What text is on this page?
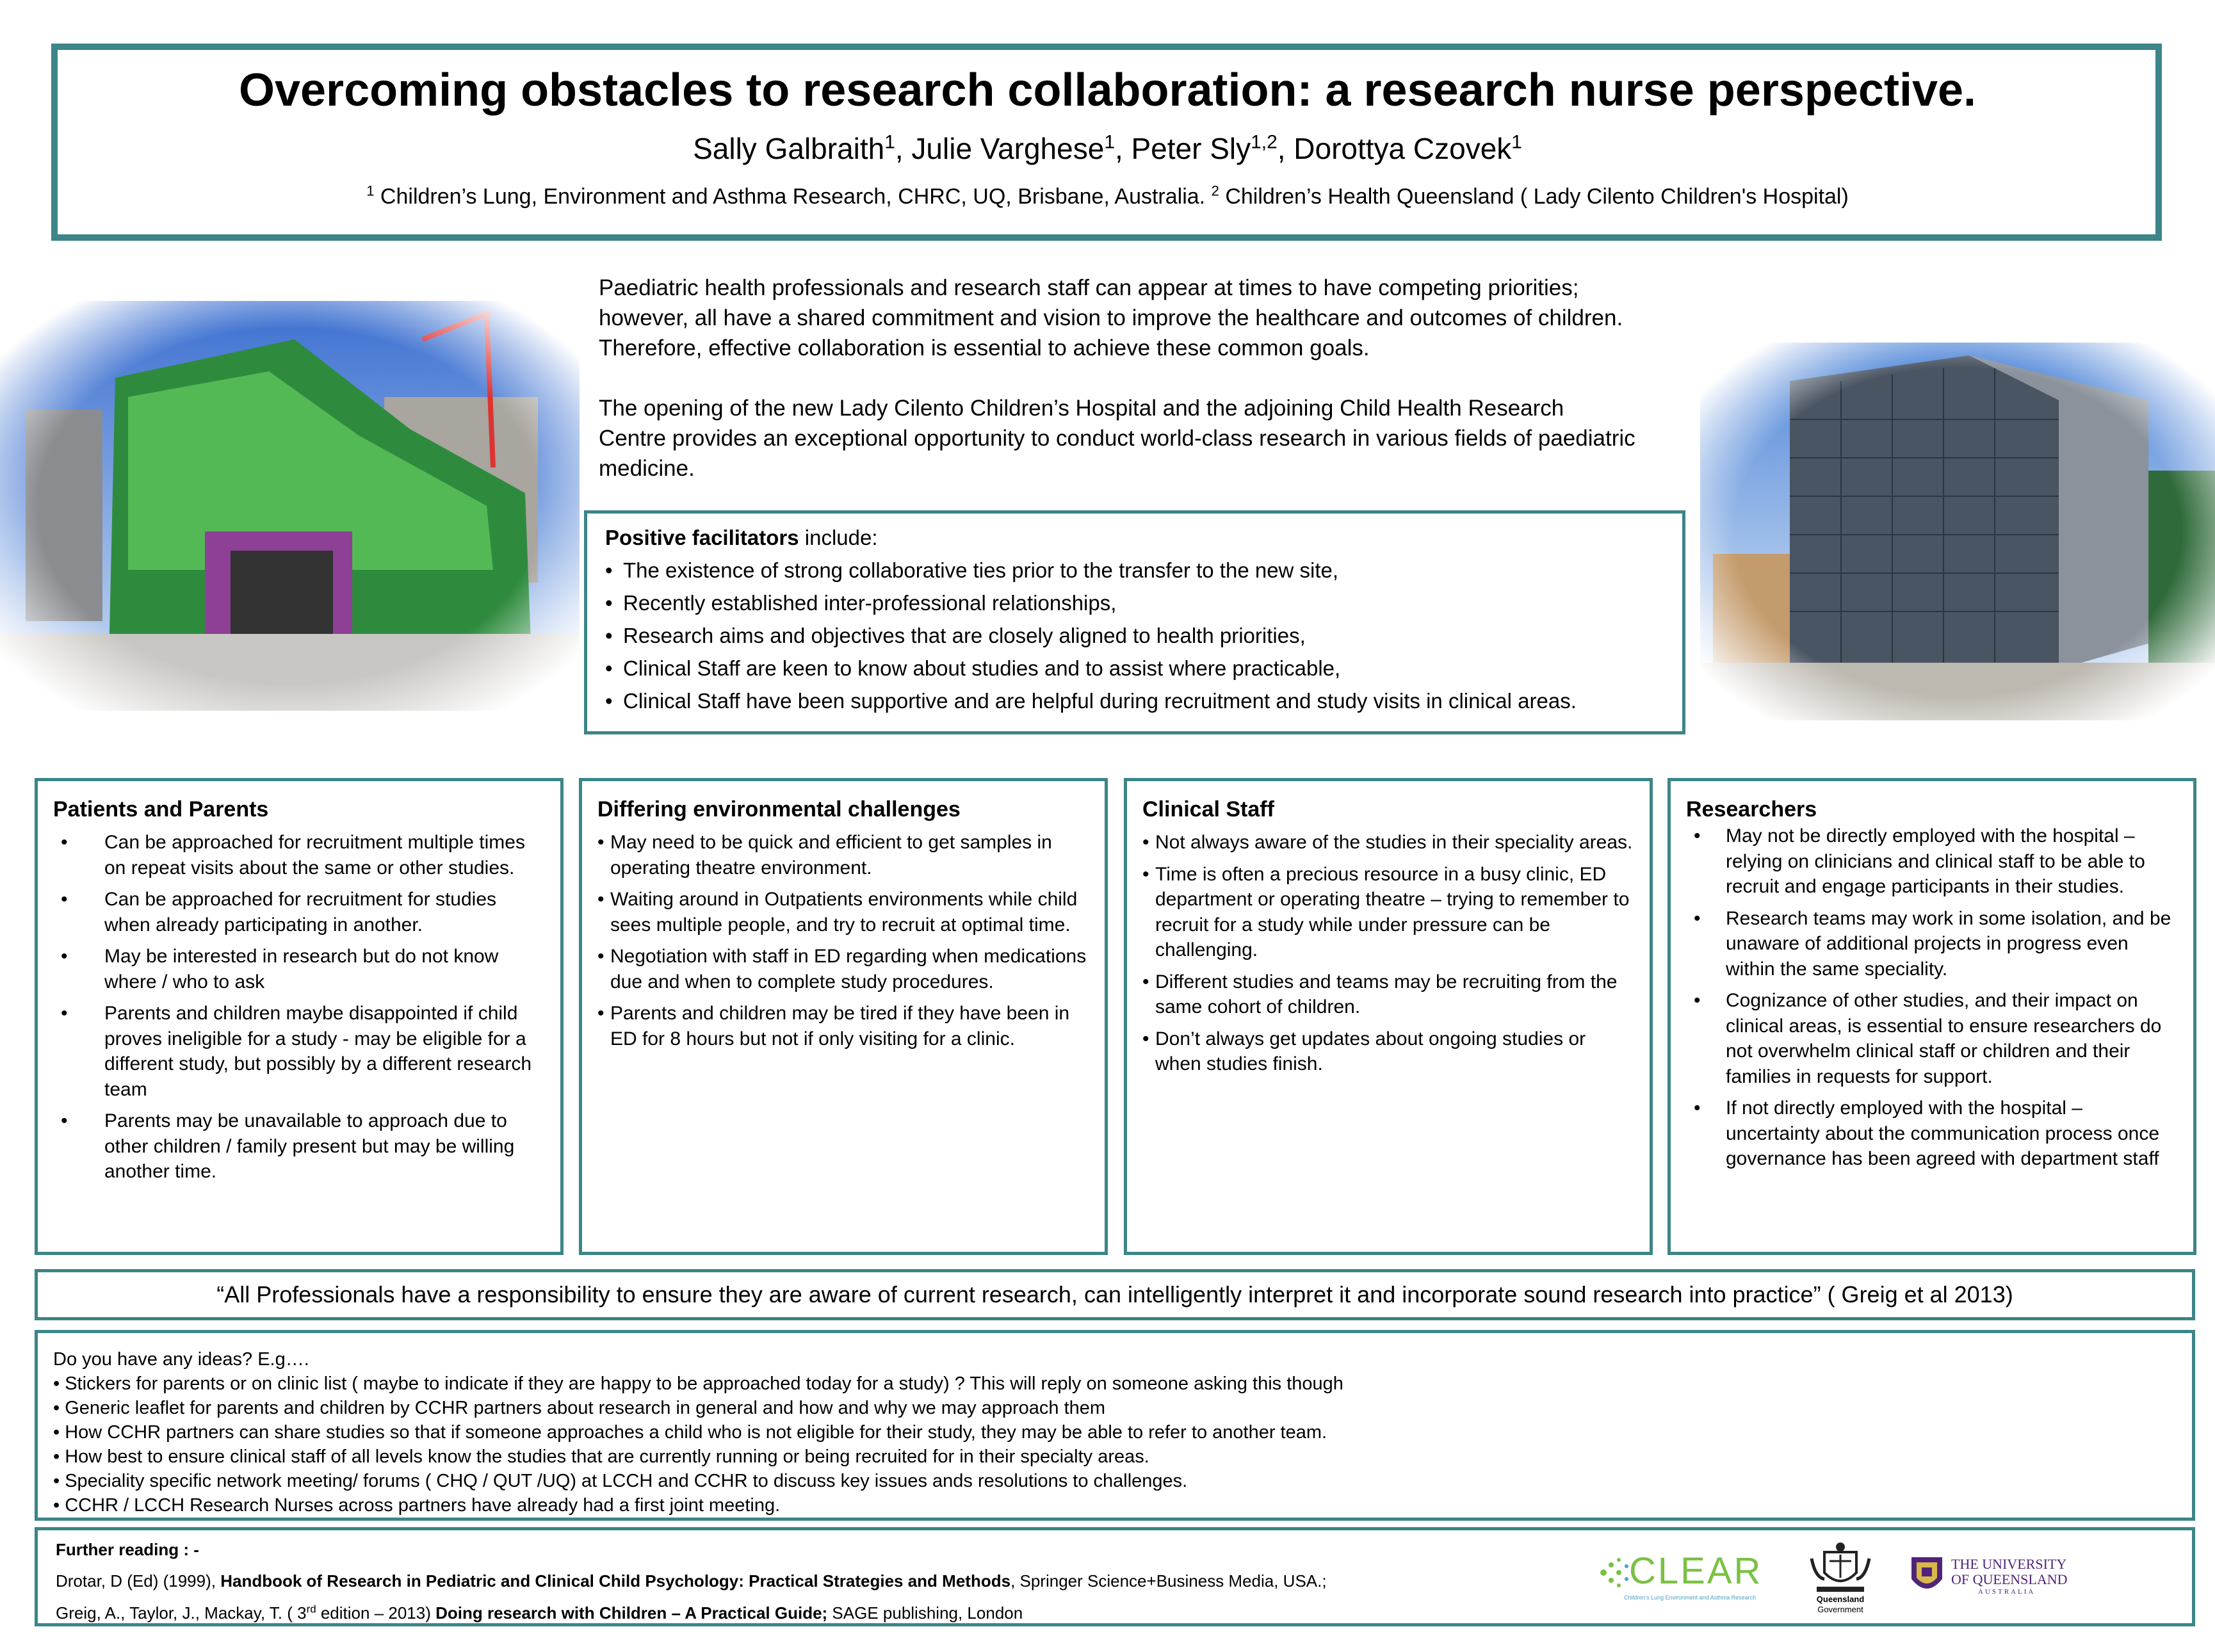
Overcoming obstacles to research collaboration: a research nurse perspective.
Sally Galbraith$^1$, Julie Varghese$^1$, Peter Sly$^{1,2}$, Dorottya Czovek$^1$
$^1$ Children’s Lung, Environment and Asthma Research, CHRC, UQ, Brisbane, Australia. $^2$ Children’s Health Queensland ( Lady Cilento Children's Hospital)

Paediatric health professionals and research staff can appear at times to have competing priorities; however, all have a shared commitment and vision to improve the healthcare and outcomes of children. Therefore, effective collaboration is essential to achieve these common goals.

The opening of the new Lady Cilento Children’s Hospital and the adjoining Child Health Research Centre provides an exceptional opportunity to conduct world-class research in various fields of paediatric medicine.

Positive facilitators include:
• The existence of strong collaborative ties prior to the transfer to the new site,
• Recently established inter-professional relationships,
• Research aims and objectives that are closely aligned to health priorities,
• Clinical Staff are keen to know about studies and to assist where practicable,
• Clinical Staff have been supportive and are helpful during recruitment and study visits in clinical areas.
Patients and Parents
• Can be approached for recruitment multiple times on repeat visits about the same or other studies.
• Can be approached for recruitment for studies when already participating in another.
• May be interested in research but do not know where / who to ask
• Parents and children maybe disappointed if child proves ineligible for a study - may be eligible for a different study, but possibly by a different research team
• Parents may be unavailable to approach due to other children / family present but may be willing another time.
Differing environmental challenges
• May need to be quick and efficient to get samples in operating theatre environment.
• Waiting around in Outpatients environments while child sees multiple people, and try to recruit at optimal time.
• Negotiation with staff in ED regarding when medications due and when to complete study procedures.
• Parents and children may be tired if they have been in ED for 8 hours but not if only visiting for a clinic.
Clinical Staff
• Not always aware of the studies in their speciality areas.
• Time is often a precious resource in a busy clinic, ED department or operating theatre – trying to remember to recruit for a study while under pressure can be challenging.
• Different studies and teams may be recruiting from the same cohort of children.
• Don’t always get updates about ongoing studies or when studies finish.
Researchers
• May not be directly employed with the hospital – relying on clinicians and clinical staff to be able to recruit and engage participants in their studies.
• Research teams may work in some isolation, and be unaware of additional projects in progress even within the same speciality.
• Cognizance of other studies, and their impact on clinical areas, is essential to ensure researchers do not overwhelm clinical staff or children and their families in requests for support.
• If not directly employed with the hospital – uncertainty about the communication process once governance has been agreed with department staff
“All Professionals have a responsibility to ensure they are aware of current research, can intelligently interpret it and incorporate sound research into practice” ( Greig et al 2013)

Do you have any ideas? E.g….

• Stickers for parents or on clinic list ( maybe to indicate if they are happy to be approached today for a study) ? This will reply on someone asking this though

• Generic leaflet for parents and children by CCHR partners about research in general and how and why we may approach them

• How CCHR partners can share studies so that if someone approaches a child who is not eligible for their study, they may be able to refer to another team.

• How best to ensure clinical staff of all levels know the studies that are currently running or being recruited for in their specialty areas.

• Speciality specific network meeting/ forums ( CHQ / QUT /UQ) at LCCH and CCHR to discuss key issues ands resolutions to challenges.

• CCHR / LCCH Research Nurses across partners have already had a first joint meeting.

Further reading : -

Drotar, D (Ed) (1999), Handbook of Research in Pediatric and Clinical Child Psychology: Practical Strategies and Methods, Springer Science+Business Media, USA.;

Greig, A., Taylor, J., Mackay, T. ( 3rd edition – 2013) Doing research with Children – A Practical Guide; SAGE publishing, London

CLEAR
Children's Lung Environment and Asthma Research	Queensland
Government
THE UNIVERSITY
OF QUEENSLAND
AUSTRALIA
